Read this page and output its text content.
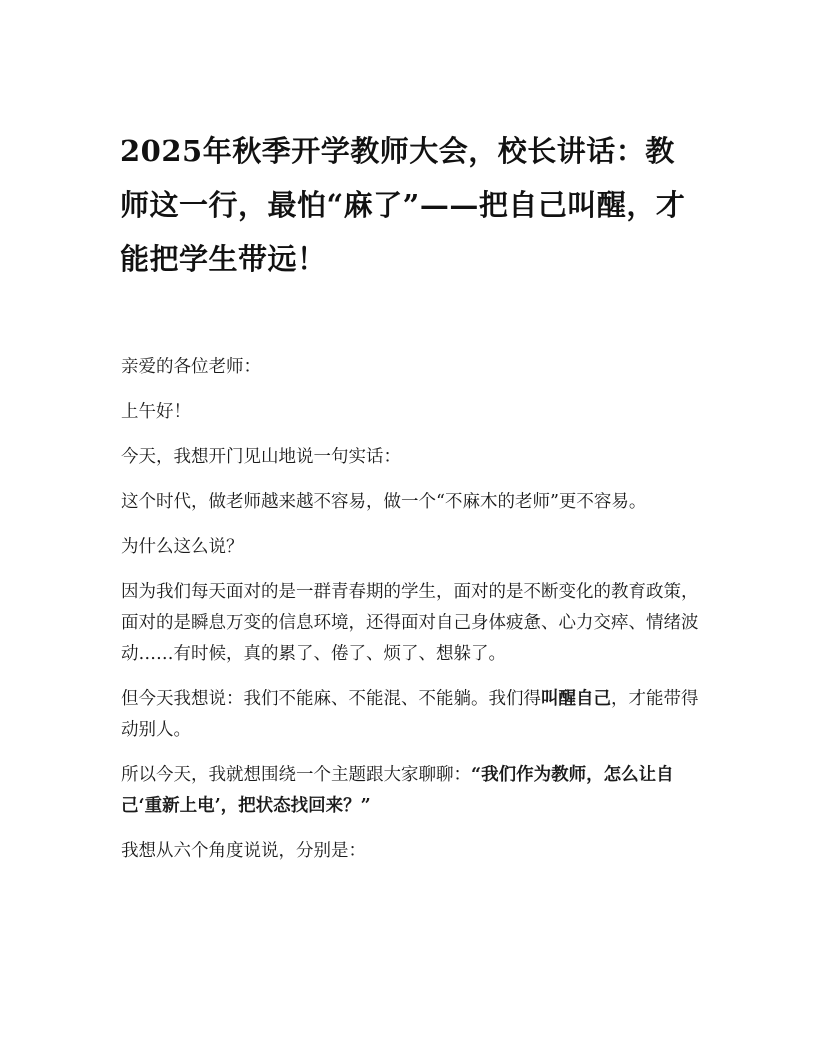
2025年秋季开学教师大会，校长讲话：教师这一行，最怕“麻了”——把自己叫醒，才能把学生带远！

亲爱的各位老师：

上午好！

今天，我想开门见山地说一句实话：

这个时代，做老师越来越不容易，做一个“不麻木的老师”更不容易。

为什么这么说？

因为我们每天面对的是一群青春期的学生，面对的是不断变化的教育政策，面对的是瞬息万变的信息环境，还得面对自己身体疲惫、心力交瘁、情绪波动……有时候，真的累了、倦了、烦了、想躲了。

但今天我想说：我们不能麻、不能混、不能躺。我们得叫醒自己，才能带得动别人。

所以今天，我就想围绕一个主题跟大家聊聊：“我们作为教师，怎么让自己‘重新上电’，把状态找回来？”

我想从六个角度说说，分别是：
